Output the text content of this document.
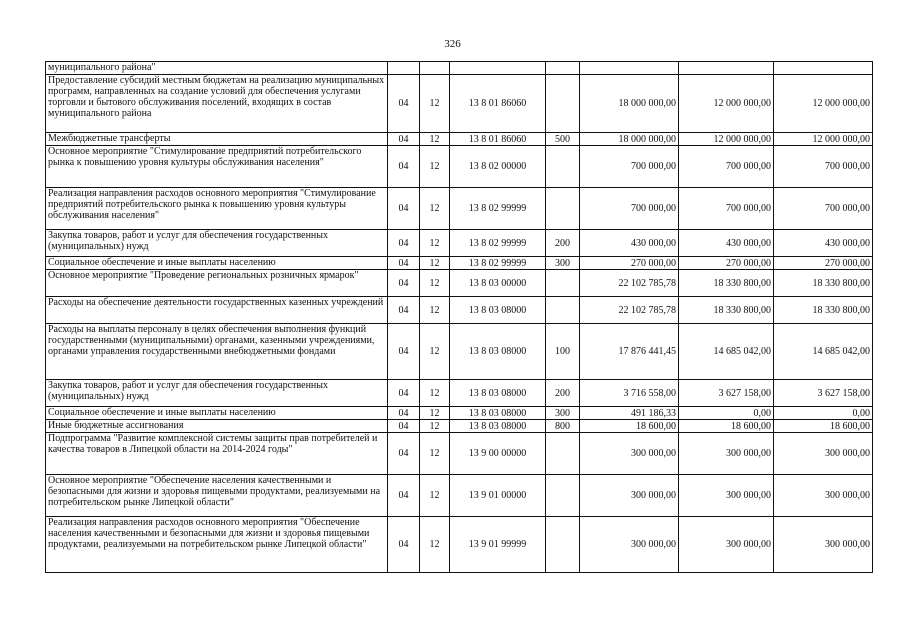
326
муниципального района"							
Предоставление субсидий местным бюджетам на реализацию муниципальных программ, направленных на создание условий для обеспечения услугами торговли и бытового обслуживания поселений, входящих в состав муниципального района	04	12	13 8 01 86060		18 000 000,00	12 000 000,00	12 000 000,00
Межбюджетные трансферты	04	12	13 8 01 86060	500	18 000 000,00	12 000 000,00	12 000 000,00
Основное мероприятие "Стимулирование предприятий потребительского рынка к повышению уровня культуры обслуживания населения"	04	12	13 8 02 00000		700 000,00	700 000,00	700 000,00
Реализация направления расходов основного мероприятия "Стимулирование предприятий потребительского рынка к повышению уровня культуры обслуживания населения"	04	12	13 8 02 99999		700 000,00	700 000,00	700 000,00
Закупка товаров, работ и услуг для обеспечения государственных (муниципальных) нужд	04	12	13 8 02 99999	200	430 000,00	430 000,00	430 000,00
Социальное обеспечение и иные выплаты населению	04	12	13 8 02 99999	300	270 000,00	270 000,00	270 000,00
Основное мероприятие "Проведение региональных розничных ярмарок"	04	12	13 8 03 00000		22 102 785,78	18 330 800,00	18 330 800,00
Расходы на обеспечение деятельности государственных казенных учреждений	04	12	13 8 03 08000		22 102 785,78	18 330 800,00	18 330 800,00
Расходы на выплаты персоналу в целях обеспечения выполнения функций государственными (муниципальными) органами, казенными учреждениями, органами управления государственными внебюджетными фондами	04	12	13 8 03 08000	100	17 876 441,45	14 685 042,00	14 685 042,00
Закупка товаров, работ и услуг для обеспечения государственных (муниципальных) нужд	04	12	13 8 03 08000	200	3 716 558,00	3 627 158,00	3 627 158,00
Социальное обеспечение и иные выплаты населению	04	12	13 8 03 08000	300	491 186,33	0,00	0,00
Иные бюджетные ассигнования	04	12	13 8 03 08000	800	18 600,00	18 600,00	18 600,00
Подпрограмма "Развитие комплексной системы защиты прав потребителей и качества товаров в Липецкой области на 2014-2024 годы"	04	12	13 9 00 00000		300 000,00	300 000,00	300 000,00
Основное мероприятие "Обеспечение населения качественными и безопасными для жизни и здоровья пищевыми продуктами, реализуемыми на потребительском рынке Липецкой области"	04	12	13 9 01 00000		300 000,00	300 000,00	300 000,00
Реализация направления расходов основного мероприятия "Обеспечение населения качественными и безопасными для жизни и здоровья пищевыми продуктами, реализуемыми на потребительском рынке Липецкой области"	04	12	13 9 01 99999		300 000,00	300 000,00	300 000,00
